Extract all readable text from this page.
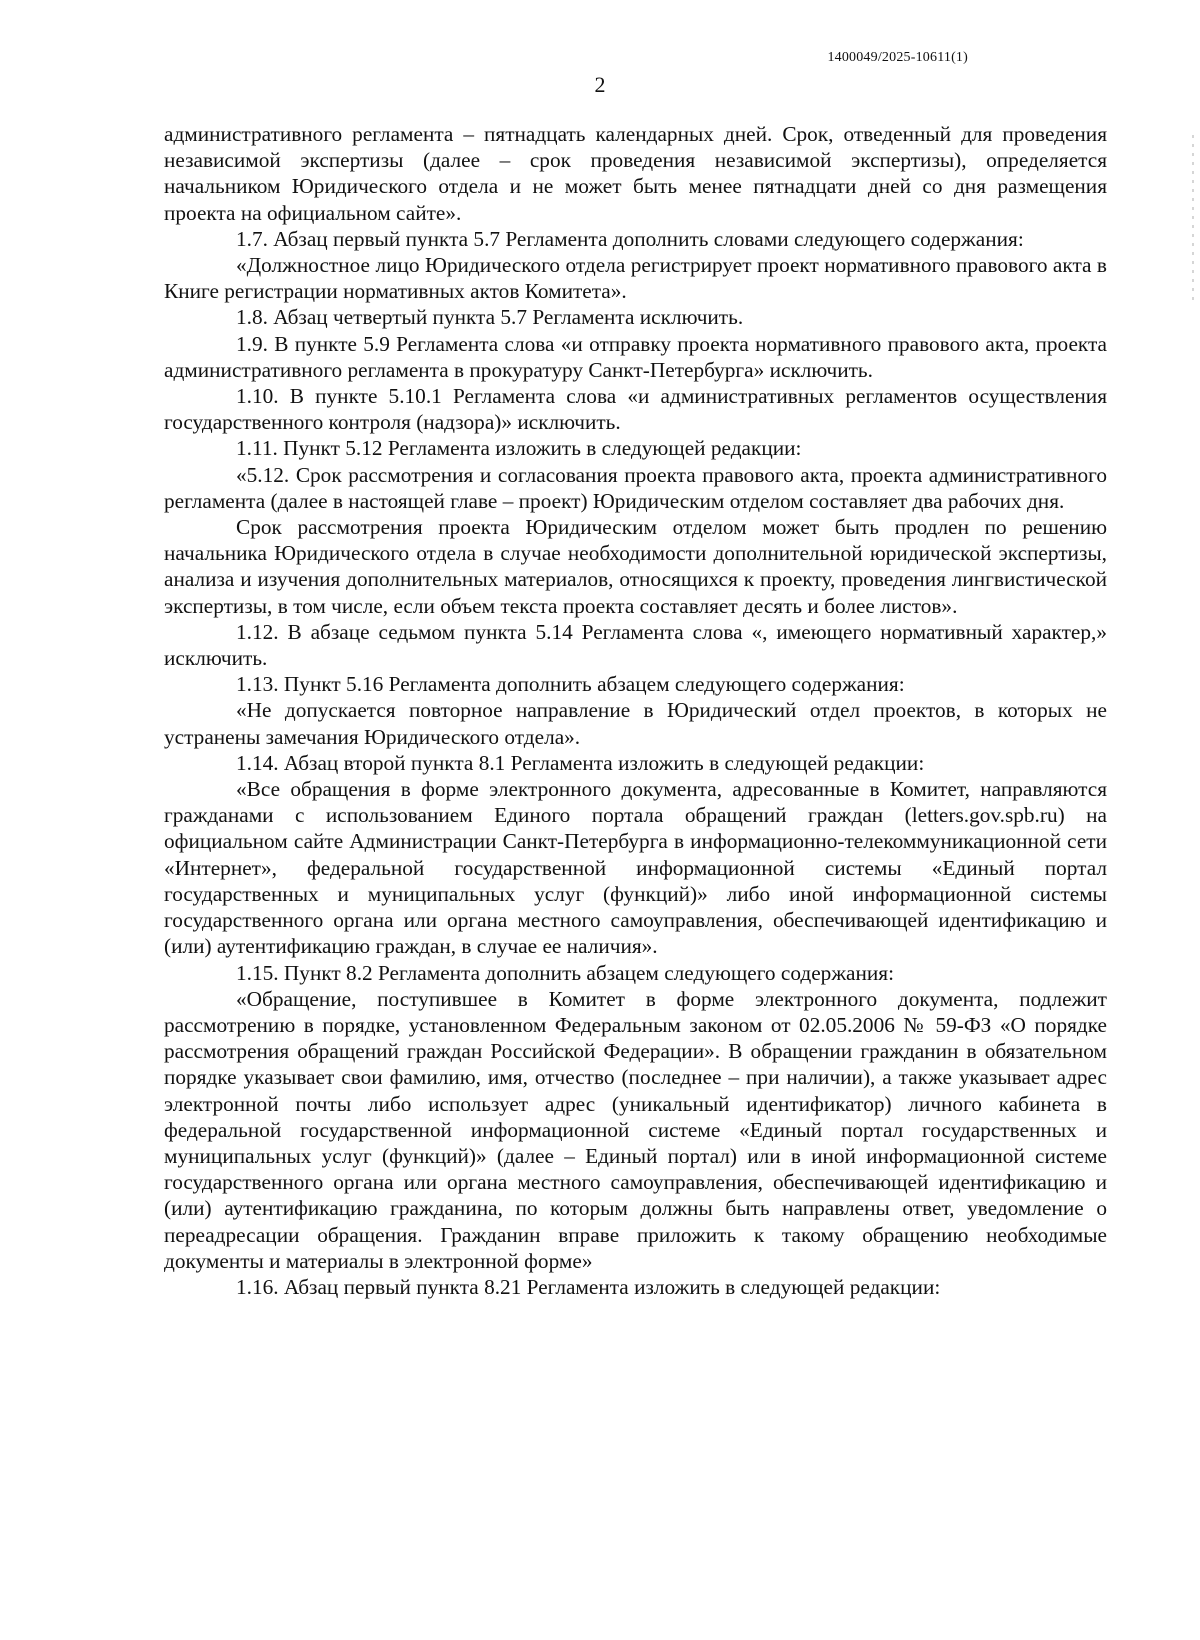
1400049/2025-10611(1)
2

административного регламента – пятнадцать календарных дней. Срок, отведенный для проведения независимой экспертизы (далее – срок проведения независимой экспертизы), определяется начальником Юридического отдела и не может быть менее пятнадцати дней со дня размещения проекта на официальном сайте».

1.7. Абзац первый пункта 5.7 Регламента дополнить словами следующего содержания:

«Должностное лицо Юридического отдела регистрирует проект нормативного правового акта в Книге регистрации нормативных актов Комитета».

1.8. Абзац четвертый пункта 5.7 Регламента исключить.

1.9. В пункте 5.9 Регламента слова «и отправку проекта нормативного правового акта, проекта административного регламента в прокуратуру Санкт-Петербурга» исключить.

1.10. В пункте 5.10.1 Регламента слова «и административных регламентов осуществления государственного контроля (надзора)» исключить.

1.11. Пункт 5.12 Регламента изложить в следующей редакции:

«5.12. Срок рассмотрения и согласования проекта правового акта, проекта административного регламента (далее в настоящей главе – проект) Юридическим отделом составляет два рабочих дня.

Срок рассмотрения проекта Юридическим отделом может быть продлен по решению начальника Юридического отдела в случае необходимости дополнительной юридической экспертизы, анализа и изучения дополнительных материалов, относящихся к проекту, проведения лингвистической экспертизы, в том числе, если объем текста проекта составляет десять и более листов».

1.12. В абзаце седьмом пункта 5.14 Регламента слова «, имеющего нормативный характер,» исключить.

1.13. Пункт 5.16 Регламента дополнить абзацем следующего содержания:

«Не допускается повторное направление в Юридический отдел проектов, в которых не устранены замечания Юридического отдела».

1.14. Абзац второй пункта 8.1 Регламента изложить в следующей редакции:

«Все обращения в форме электронного документа, адресованные в Комитет, направляются гражданами с использованием Единого портала обращений граждан (letters.gov.spb.ru) на официальном сайте Администрации Санкт-Петербурга в информационно-телекоммуникационной сети «Интернет», федеральной государственной информационной системы «Единый портал государственных и муниципальных услуг (функций)» либо иной информационной системы государственного органа или органа местного самоуправления, обеспечивающей идентификацию и (или) аутентификацию граждан, в случае ее наличия».

1.15. Пункт 8.2 Регламента дополнить абзацем следующего содержания:

«Обращение, поступившее в Комитет в форме электронного документа, подлежит рассмотрению в порядке, установленном Федеральным законом от 02.05.2006 № 59-ФЗ «О порядке рассмотрения обращений граждан Российской Федерации». В обращении гражданин в обязательном порядке указывает свои фамилию, имя, отчество (последнее – при наличии), а также указывает адрес электронной почты либо использует адрес (уникальный идентификатор) личного кабинета в федеральной государственной информационной системе «Единый портал государственных и муниципальных услуг (функций)» (далее – Единый портал) или в иной информационной системе государственного органа или органа местного самоуправления, обеспечивающей идентификацию и (или) аутентификацию гражданина, по которым должны быть направлены ответ, уведомление о переадресации обращения. Гражданин вправе приложить к такому обращению необходимые документы и материалы в электронной форме»

1.16. Абзац первый пункта 8.21 Регламента изложить в следующей редакции:
